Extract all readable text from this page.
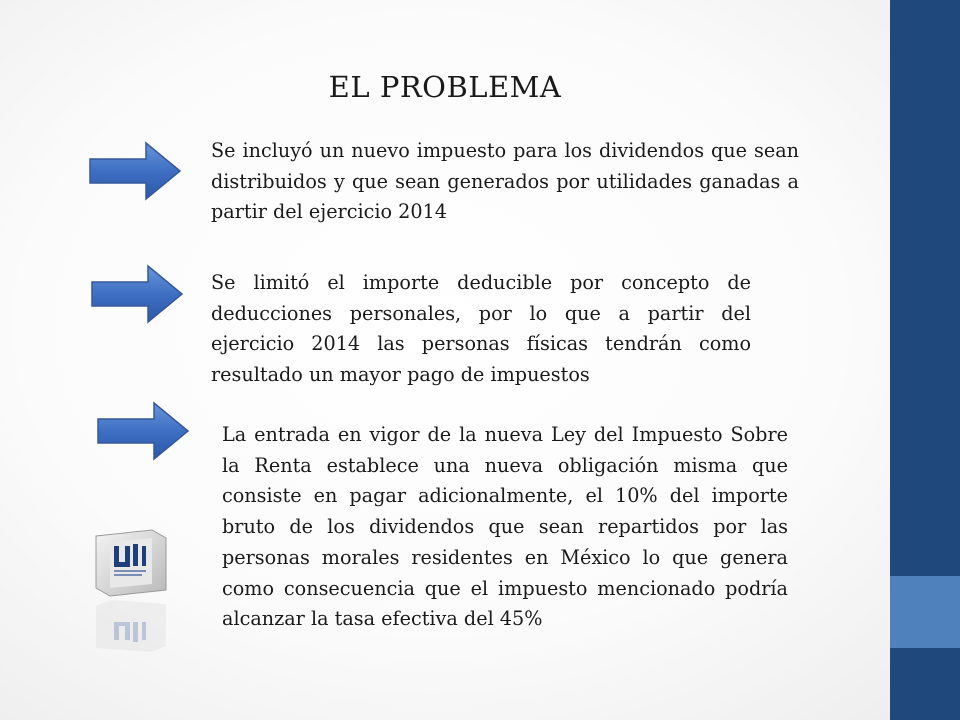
EL PROBLEMA

Se incluyó un nuevo impuesto para los dividendos que sean distribuidos y que sean generados por utilidades ganadas a partir del ejercicio 2014

Se limitó el importe deducible por concepto de deducciones personales, por lo que a partir del ejercicio 2014 las personas físicas tendrán como resultado un mayor pago de impuestos

La entrada en vigor de la nueva Ley del Impuesto Sobre la Renta establece una nueva obligación misma que consiste en pagar adicionalmente, el 10% del importe bruto de los dividendos que sean repartidos por las personas morales residentes en México lo que genera como consecuencia que el impuesto mencionado podría alcanzar la tasa efectiva del 45%
